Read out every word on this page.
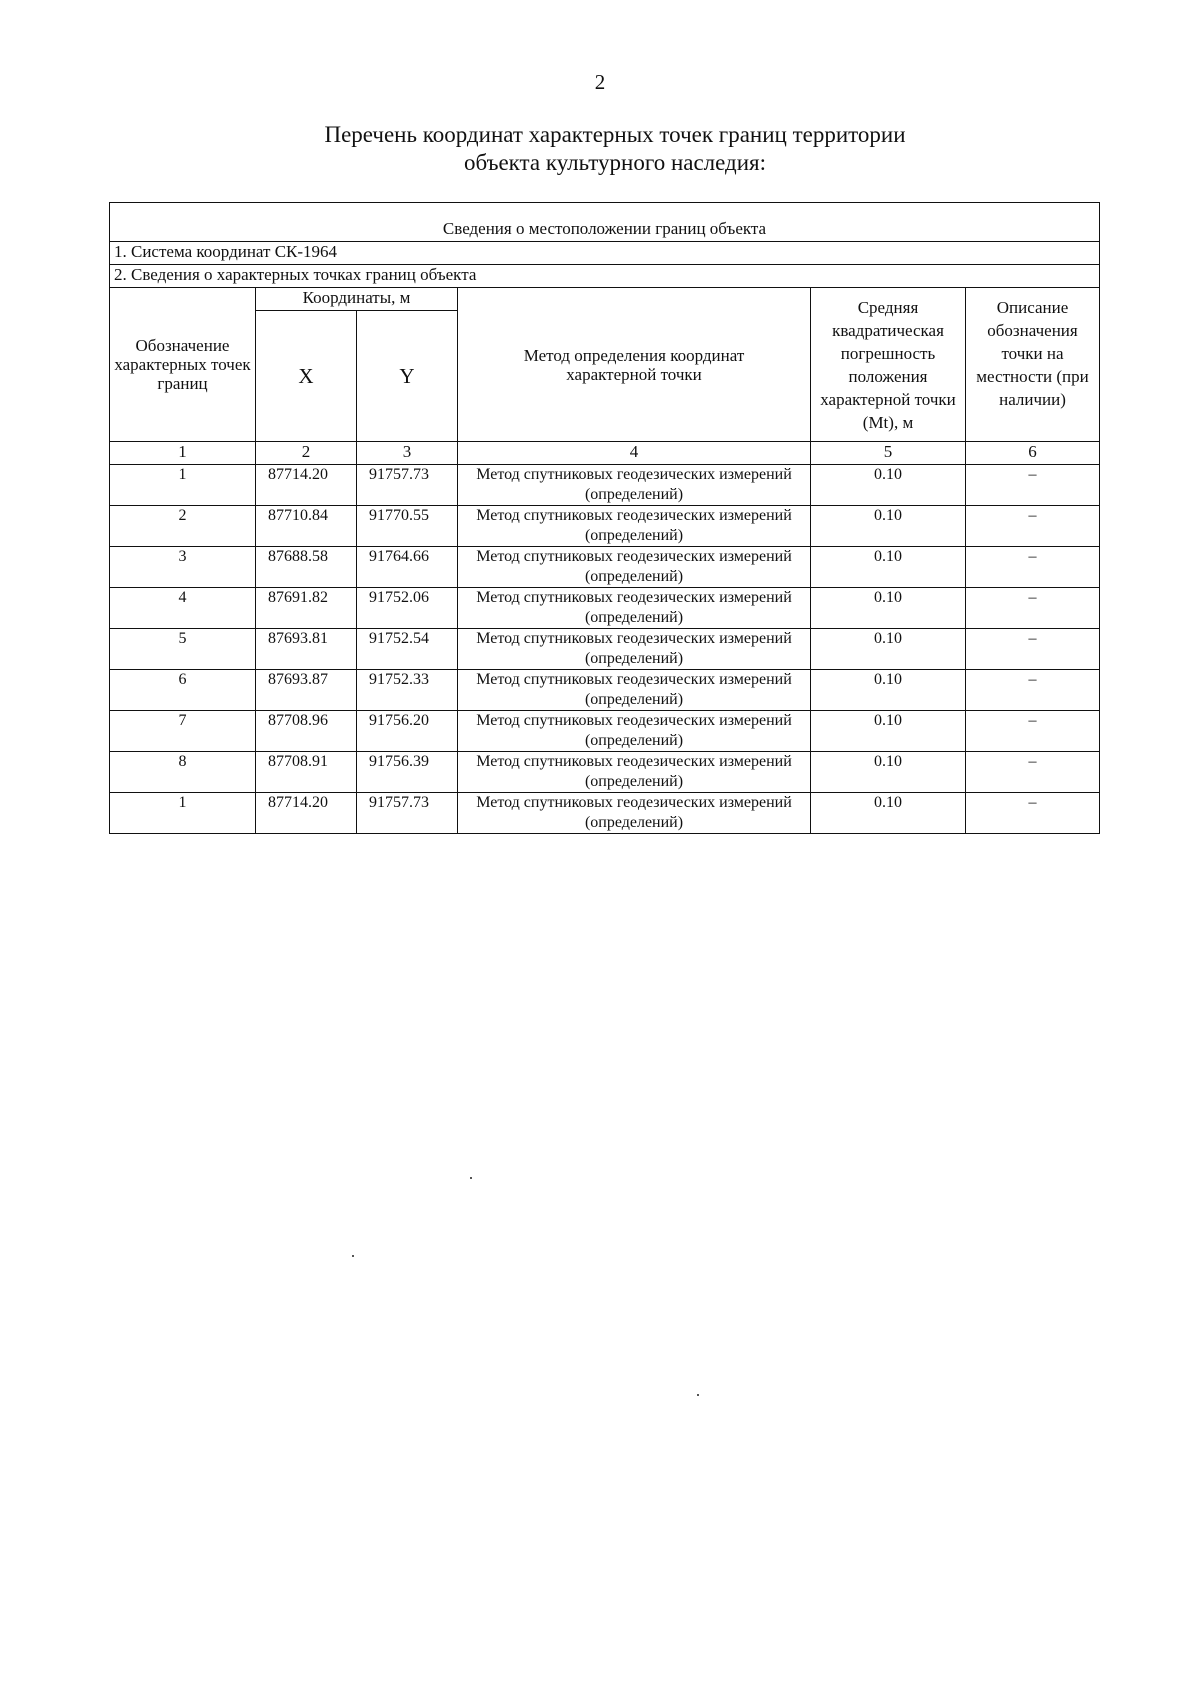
2
Перечень координат характерных точек границ территории
объекта культурного наследия:
Сведения о местоположении границ объекта					
1. Система координат СК-1964					
2. Сведения о характерных точках границ объекта					
Обозначение характерных точек границ	Координаты, м		Метод определения координат характерной точки	Средняя квадратическая погрешность положения характерной точки (Mt), м	Описание обозначения точки на местности (при наличии)
	X	Y			
1	2	3	4	5	6
1	87714.20	91757.73	Метод спутниковых геодезических измерений (определений)	0.10	–
2	87710.84	91770.55	Метод спутниковых геодезических измерений (определений)	0.10	–
3	87688.58	91764.66	Метод спутниковых геодезических измерений (определений)	0.10	–
4	87691.82	91752.06	Метод спутниковых геодезических измерений (определений)	0.10	–
5	87693.81	91752.54	Метод спутниковых геодезических измерений (определений)	0.10	–
6	87693.87	91752.33	Метод спутниковых геодезических измерений (определений)	0.10	–
7	87708.96	91756.20	Метод спутниковых геодезических измерений (определений)	0.10	–
8	87708.91	91756.39	Метод спутниковых геодезических измерений (определений)	0.10	–
1	87714.20	91757.73	Метод спутниковых геодезических измерений (определений)	0.10	–
